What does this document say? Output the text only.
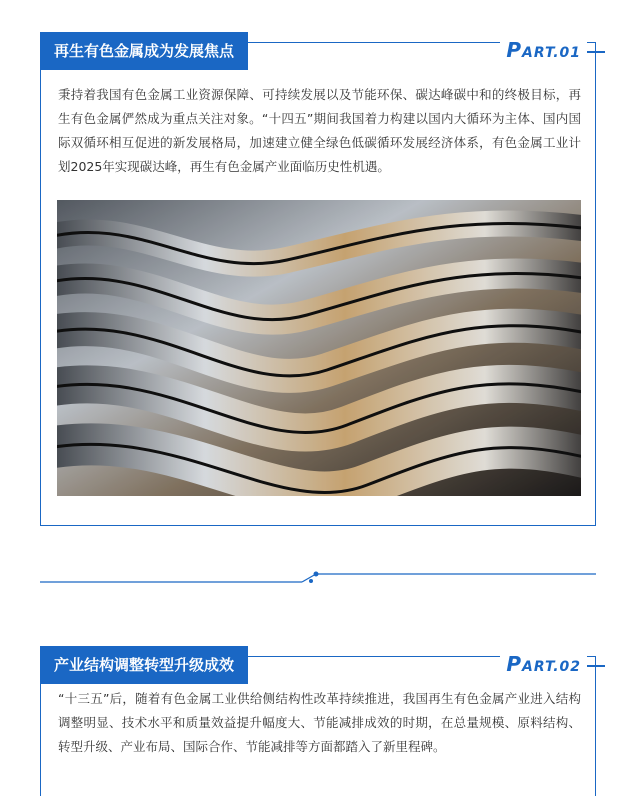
再生有色金属成为发展焦点	PART.01
秉持着我国有色金属工业资源保障、可持续发展以及节能环保、碳达峰碳中和的终极目标，再生有色金属俨然成为重点关注对象。“十四五”期间我国着力构建以国内大循环为主体、国内国际双循环相互促进的新发展格局，加速建立健全绿色低碳循环发展经济体系，有色金属工业计划2025年实现碳达峰，再生有色金属产业面临历史性机遇。
产业结构调整转型升级成效	PART.02
“十三五”后，随着有色金属工业供给侧结构性改革持续推进，我国再生有色金属产业进入结构调整明显、技术水平和质量效益提升幅度大、节能减排成效的时期，在总量规模、原料结构、转型升级、产业布局、国际合作、节能减排等方面都踏入了新里程碑。
